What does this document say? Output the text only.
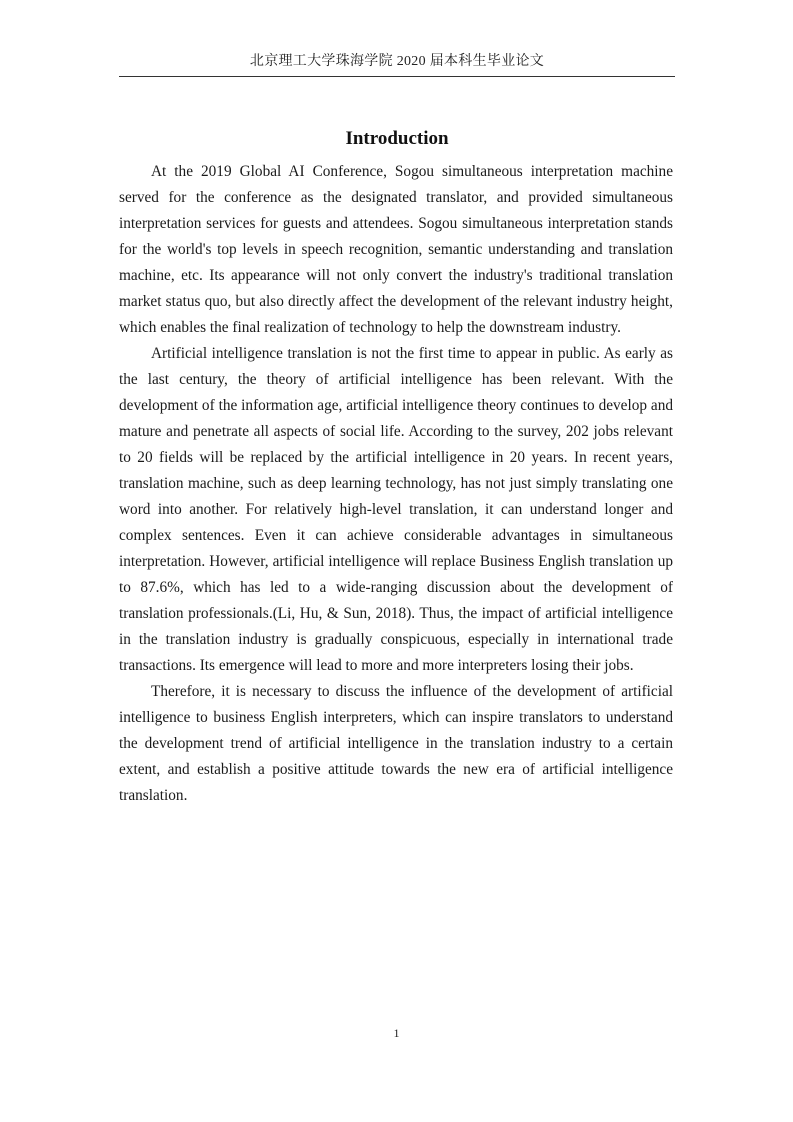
北京理工大学珠海学院 2020 届本科生毕业论文
Introduction

At the 2019 Global AI Conference, Sogou simultaneous interpretation machine served for the conference as the designated translator, and provided simultaneous interpretation services for guests and attendees. Sogou simultaneous interpretation stands for the world's top levels in speech recognition, semantic understanding and translation machine, etc. Its appearance will not only convert the industry's traditional translation market status quo, but also directly affect the development of the relevant industry height, which enables the final realization of technology to help the downstream industry.

Artificial intelligence translation is not the first time to appear in public. As early as the last century, the theory of artificial intelligence has been relevant. With the development of the information age, artificial intelligence theory continues to develop and mature and penetrate all aspects of social life. According to the survey, 202 jobs relevant to 20 fields will be replaced by the artificial intelligence in 20 years. In recent years, translation machine, such as deep learning technology, has not just simply translating one word into another. For relatively high-level translation, it can understand longer and complex sentences. Even it can achieve considerable advantages in simultaneous interpretation. However, artificial intelligence will replace Business English translation up to 87.6%, which has led to a wide-ranging discussion about the development of translation professionals.(Li, Hu, & Sun, 2018). Thus, the impact of artificial intelligence in the translation industry is gradually conspicuous, especially in international trade transactions. Its emergence will lead to more and more interpreters losing their jobs.

Therefore, it is necessary to discuss the influence of the development of artificial intelligence to business English interpreters, which can inspire translators to understand the development trend of artificial intelligence in the translation industry to a certain extent, and establish a positive attitude towards the new era of artificial intelligence translation.

1
